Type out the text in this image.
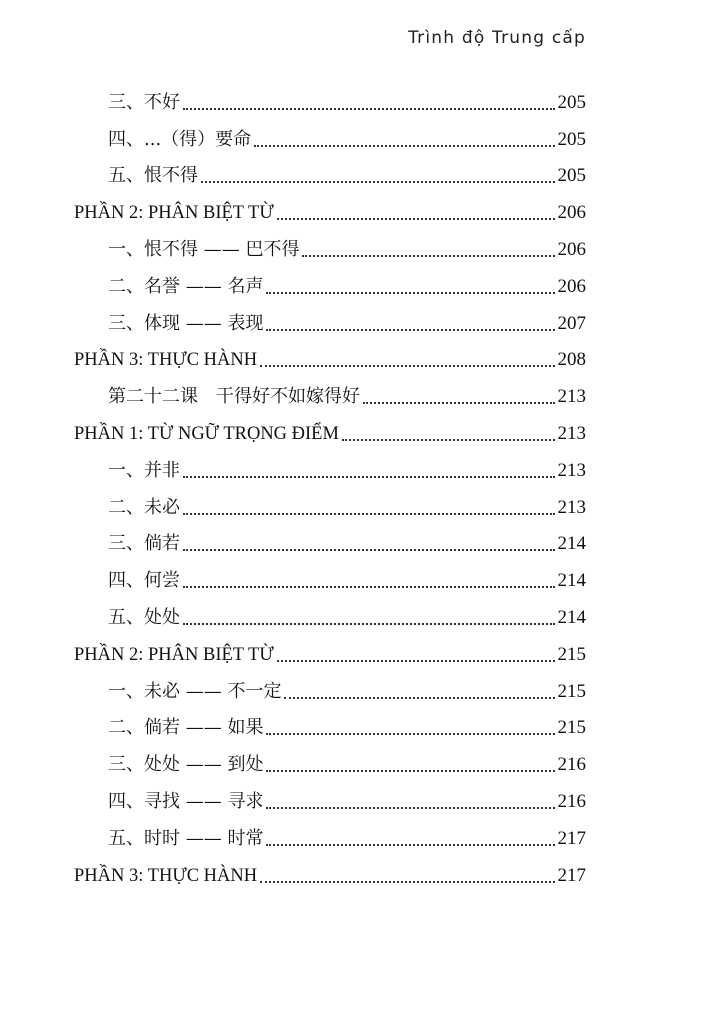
Trình độ Trung cấp
三、不好	205
四、...（得）要命	205
五、恨不得	205
PHẦN 2: PHÂN BIỆT TỪ	206
一、恨不得 —— 巴不得	206
二、名誉 —— 名声	206
三、体现 —— 表现	207
PHẦN 3: THỰC HÀNH	208
第二十二课　干得好不如嫁得好	213
PHẦN 1: TỪ NGỮ TRỌNG ĐIỂM	213
一、并非	213
二、未必	213
三、倘若	214
四、何尝	214
五、处处	214
PHẦN 2: PHÂN BIỆT TỪ	215
一、未必 —— 不一定	215
二、倘若 —— 如果	215
三、处处 —— 到处	216
四、寻找 —— 寻求	216
五、时时 —— 时常	217
PHẦN 3: THỰC HÀNH	217
